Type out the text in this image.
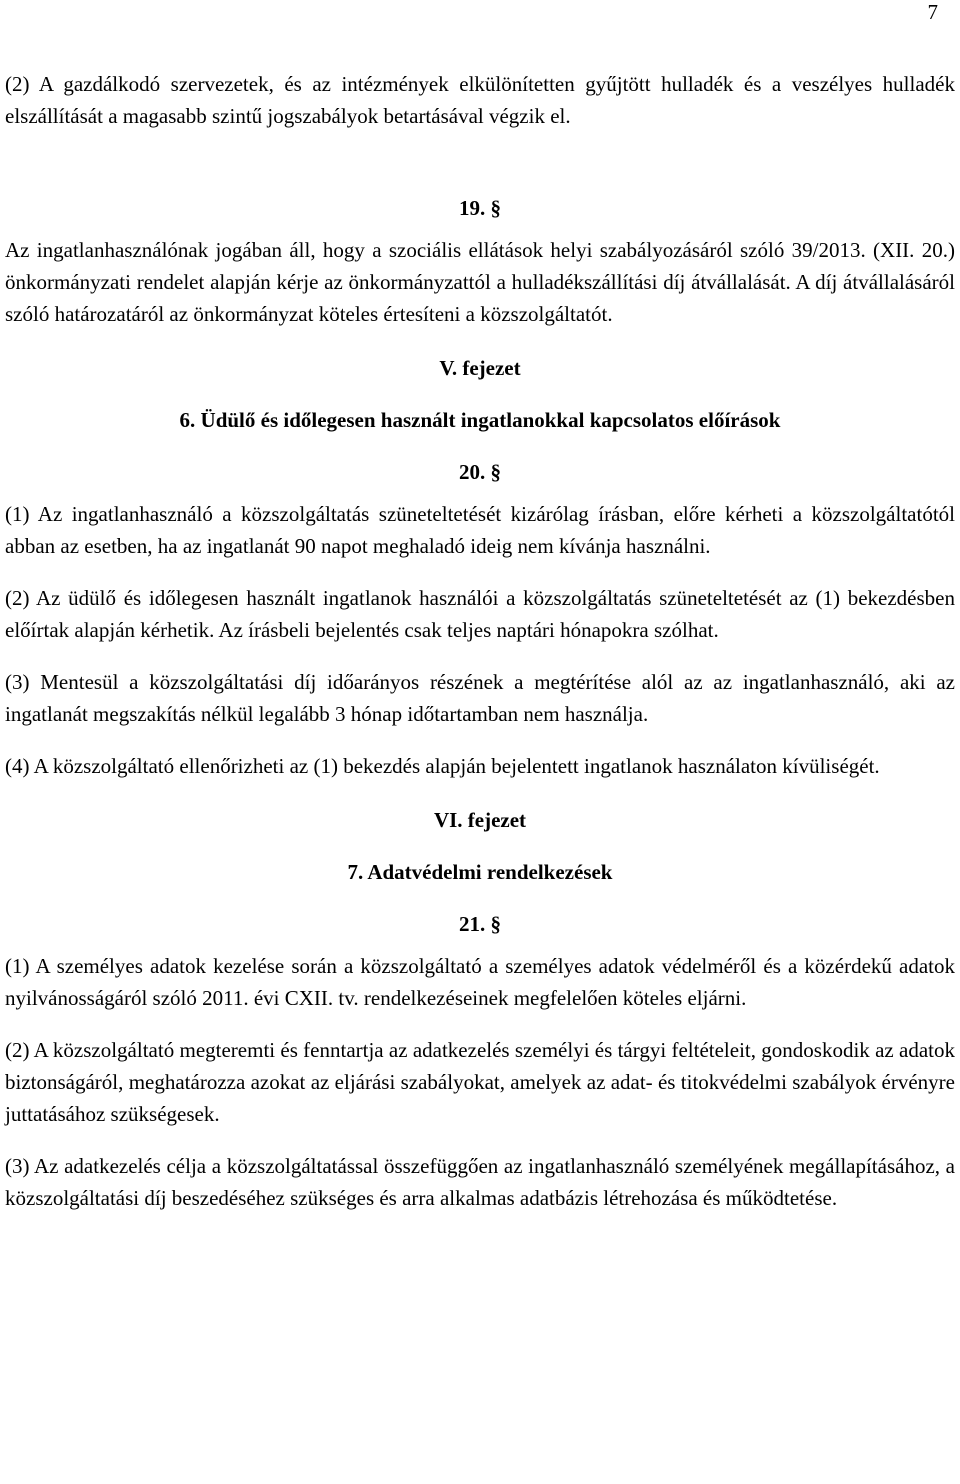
7

(2) A gazdálkodó szervezetek, és az intézmények elkülönítetten gyűjtött hulladék és a veszélyes hulladék elszállítását a magasabb szintű jogszabályok betartásával végzik el.

19. §

Az ingatlanhasználónak jogában áll, hogy a szociális ellátások helyi szabályozásáról szóló 39/2013. (XII. 20.) önkormányzati rendelet alapján kérje az önkormányzattól a hulladékszállítási díj átvállalását. A díj átvállalásáról szóló határozatáról az önkormányzat köteles értesíteni a közszolgáltatót.

V. fejezet

6. Üdülő és időlegesen használt ingatlanokkal kapcsolatos előírások

20. §

(1) Az ingatlanhasználó a közszolgáltatás szüneteltetését kizárólag írásban, előre kérheti a közszolgáltatótól abban az esetben, ha az ingatlanát 90 napot meghaladó ideig nem kívánja használni.

(2) Az üdülő és időlegesen használt ingatlanok használói a közszolgáltatás szüneteltetését az (1) bekezdésben előírtak alapján kérhetik. Az írásbeli bejelentés csak teljes naptári hónapokra szólhat.

(3) Mentesül a közszolgáltatási díj időarányos részének a megtérítése alól az az ingatlanhasználó, aki az ingatlanát megszakítás nélkül legalább 3 hónap időtartamban nem használja.

(4) A közszolgáltató ellenőrizheti az (1) bekezdés alapján bejelentett ingatlanok használaton kívüliségét.

VI. fejezet

7. Adatvédelmi rendelkezések

21. §

(1) A személyes adatok kezelése során a közszolgáltató a személyes adatok védelméről és a közérdekű adatok nyilvánosságáról szóló 2011. évi CXII. tv. rendelkezéseinek megfelelően köteles eljárni.

(2) A közszolgáltató megteremti és fenntartja az adatkezelés személyi és tárgyi feltételeit, gondoskodik az adatok biztonságáról, meghatározza azokat az eljárási szabályokat, amelyek az adat- és titokvédelmi szabályok érvényre juttatásához szükségesek.

(3) Az adatkezelés célja a közszolgáltatással összefüggően az ingatlanhasználó személyének megállapításához, a közszolgáltatási díj beszedéséhez szükséges és arra alkalmas adatbázis létrehozása és működtetése.
